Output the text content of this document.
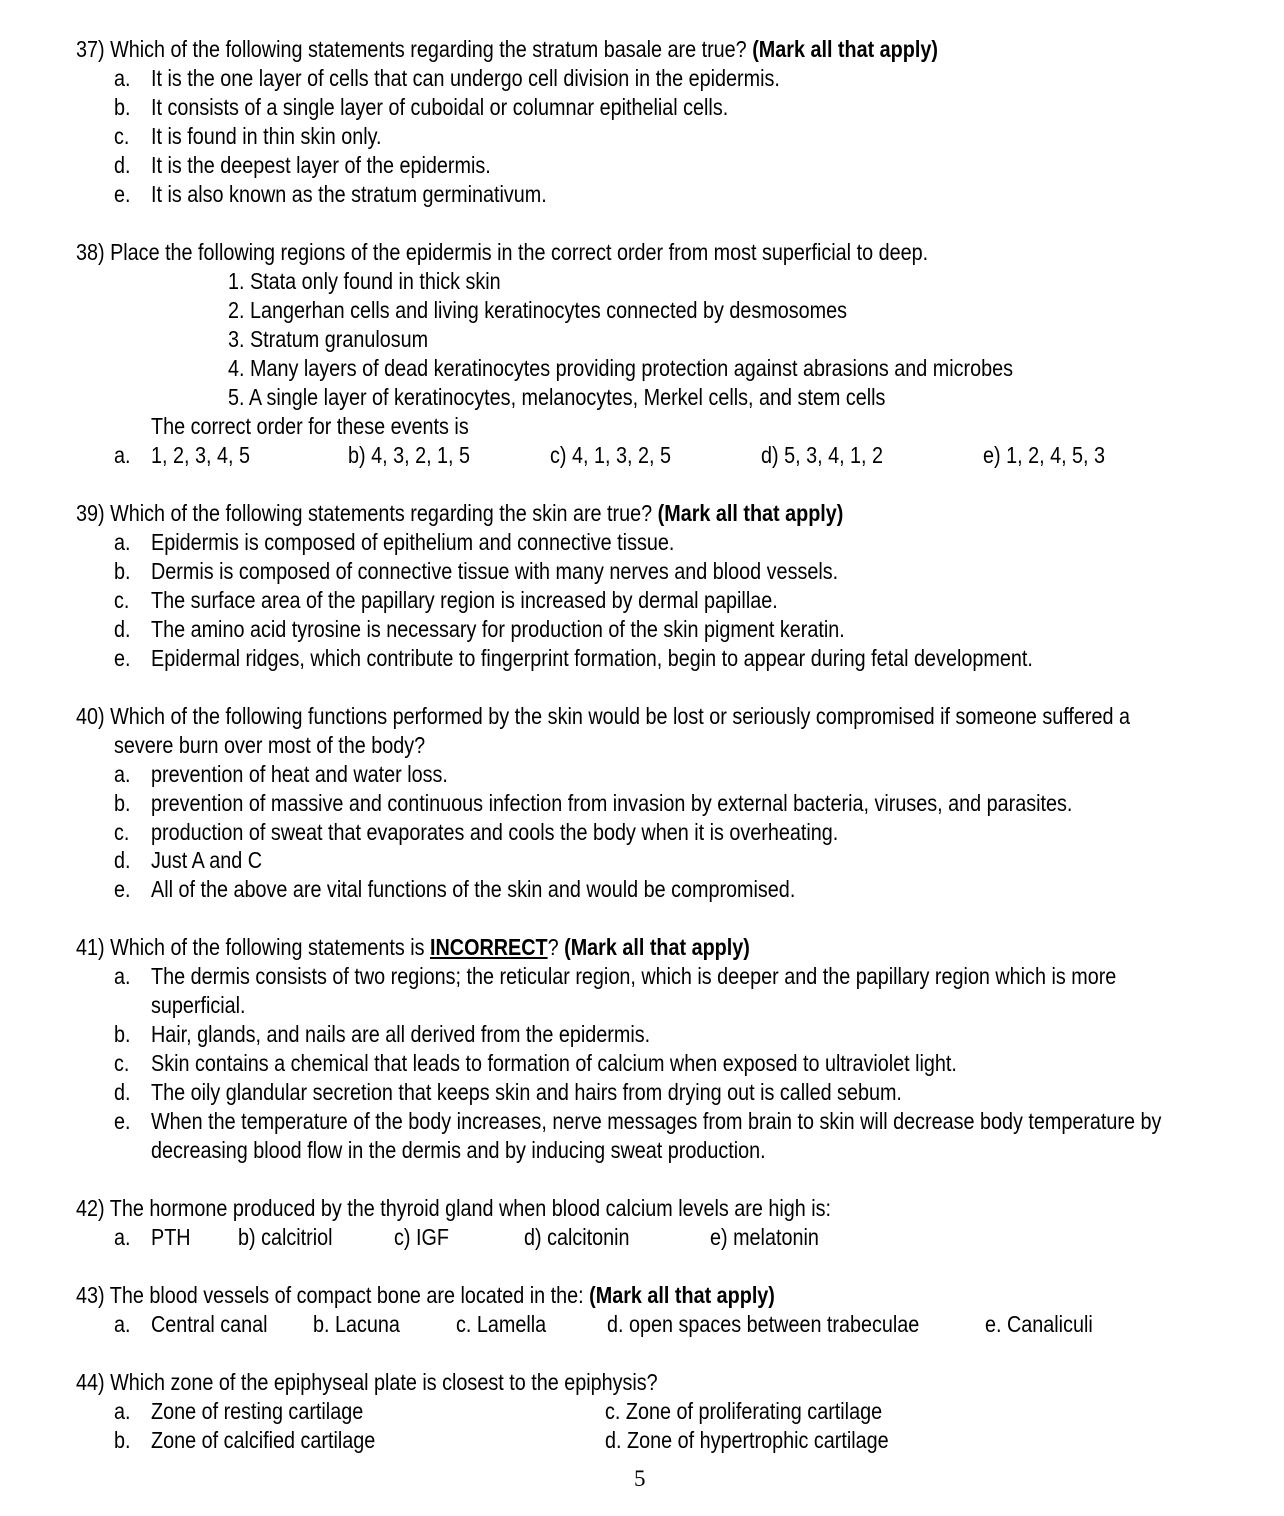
37) Which of the following statements regarding the stratum basale are true? (Mark all that apply)
a. It is the one layer of cells that can undergo cell division in the epidermis.
b. It consists of a single layer of cuboidal or columnar epithelial cells.
c. It is found in thin skin only.
d. It is the deepest layer of the epidermis.
e. It is also known as the stratum germinativum.
38) Place the following regions of the epidermis in the correct order from most superficial to deep.
1. Stata only found in thick skin
2. Langerhan cells and living keratinocytes connected by desmosomes
3. Stratum granulosum
4. Many layers of dead keratinocytes providing protection against abrasions and microbes
5. A single layer of keratinocytes, melanocytes, Merkel cells, and stem cells
The correct order for these events is
a. 1, 2, 3, 4, 5	b) 4, 3, 2, 1, 5	c) 4, 1, 3, 2, 5	d) 5, 3, 4, 1, 2	e) 1, 2, 4, 5, 3
39) Which of the following statements regarding the skin are true? (Mark all that apply)
a. Epidermis is composed of epithelium and connective tissue.
b. Dermis is composed of connective tissue with many nerves and blood vessels.
c. The surface area of the papillary region is increased by dermal papillae.
d. The amino acid tyrosine is necessary for production of the skin pigment keratin.
e. Epidermal ridges, which contribute to fingerprint formation, begin to appear during fetal development.
40) Which of the following functions performed by the skin would be lost or seriously compromised if someone suffered a
severe burn over most of the body?
a. prevention of heat and water loss.
b. prevention of massive and continuous infection from invasion by external bacteria, viruses, and parasites.
c. production of sweat that evaporates and cools the body when it is overheating.
d. Just A and C
e. All of the above are vital functions of the skin and would be compromised.
41) Which of the following statements is INCORRECT? (Mark all that apply)
a. The dermis consists of two regions; the reticular region, which is deeper and the papillary region which is more
superficial.
b. Hair, glands, and nails are all derived from the epidermis.
c. Skin contains a chemical that leads to formation of calcium when exposed to ultraviolet light.
d. The oily glandular secretion that keeps skin and hairs from drying out is called sebum.
e. When the temperature of the body increases, nerve messages from brain to skin will decrease body temperature by
decreasing blood flow in the dermis and by inducing sweat production.
42) The hormone produced by the thyroid gland when blood calcium levels are high is:
a. PTH b) calcitriol	c) IGF	d) calcitonin	e) melatonin
43) The blood vessels of compact bone are located in the: (Mark all that apply)
a. Central canal b. Lacuna c. Lamella	d. open spaces between trabeculae	e. Canaliculi
44) Which zone of the epiphyseal plate is closest to the epiphysis?
a. Zone of resting cartilage	c. Zone of proliferating cartilage
b. Zone of calcified cartilage	d. Zone of hypertrophic cartilage
5
